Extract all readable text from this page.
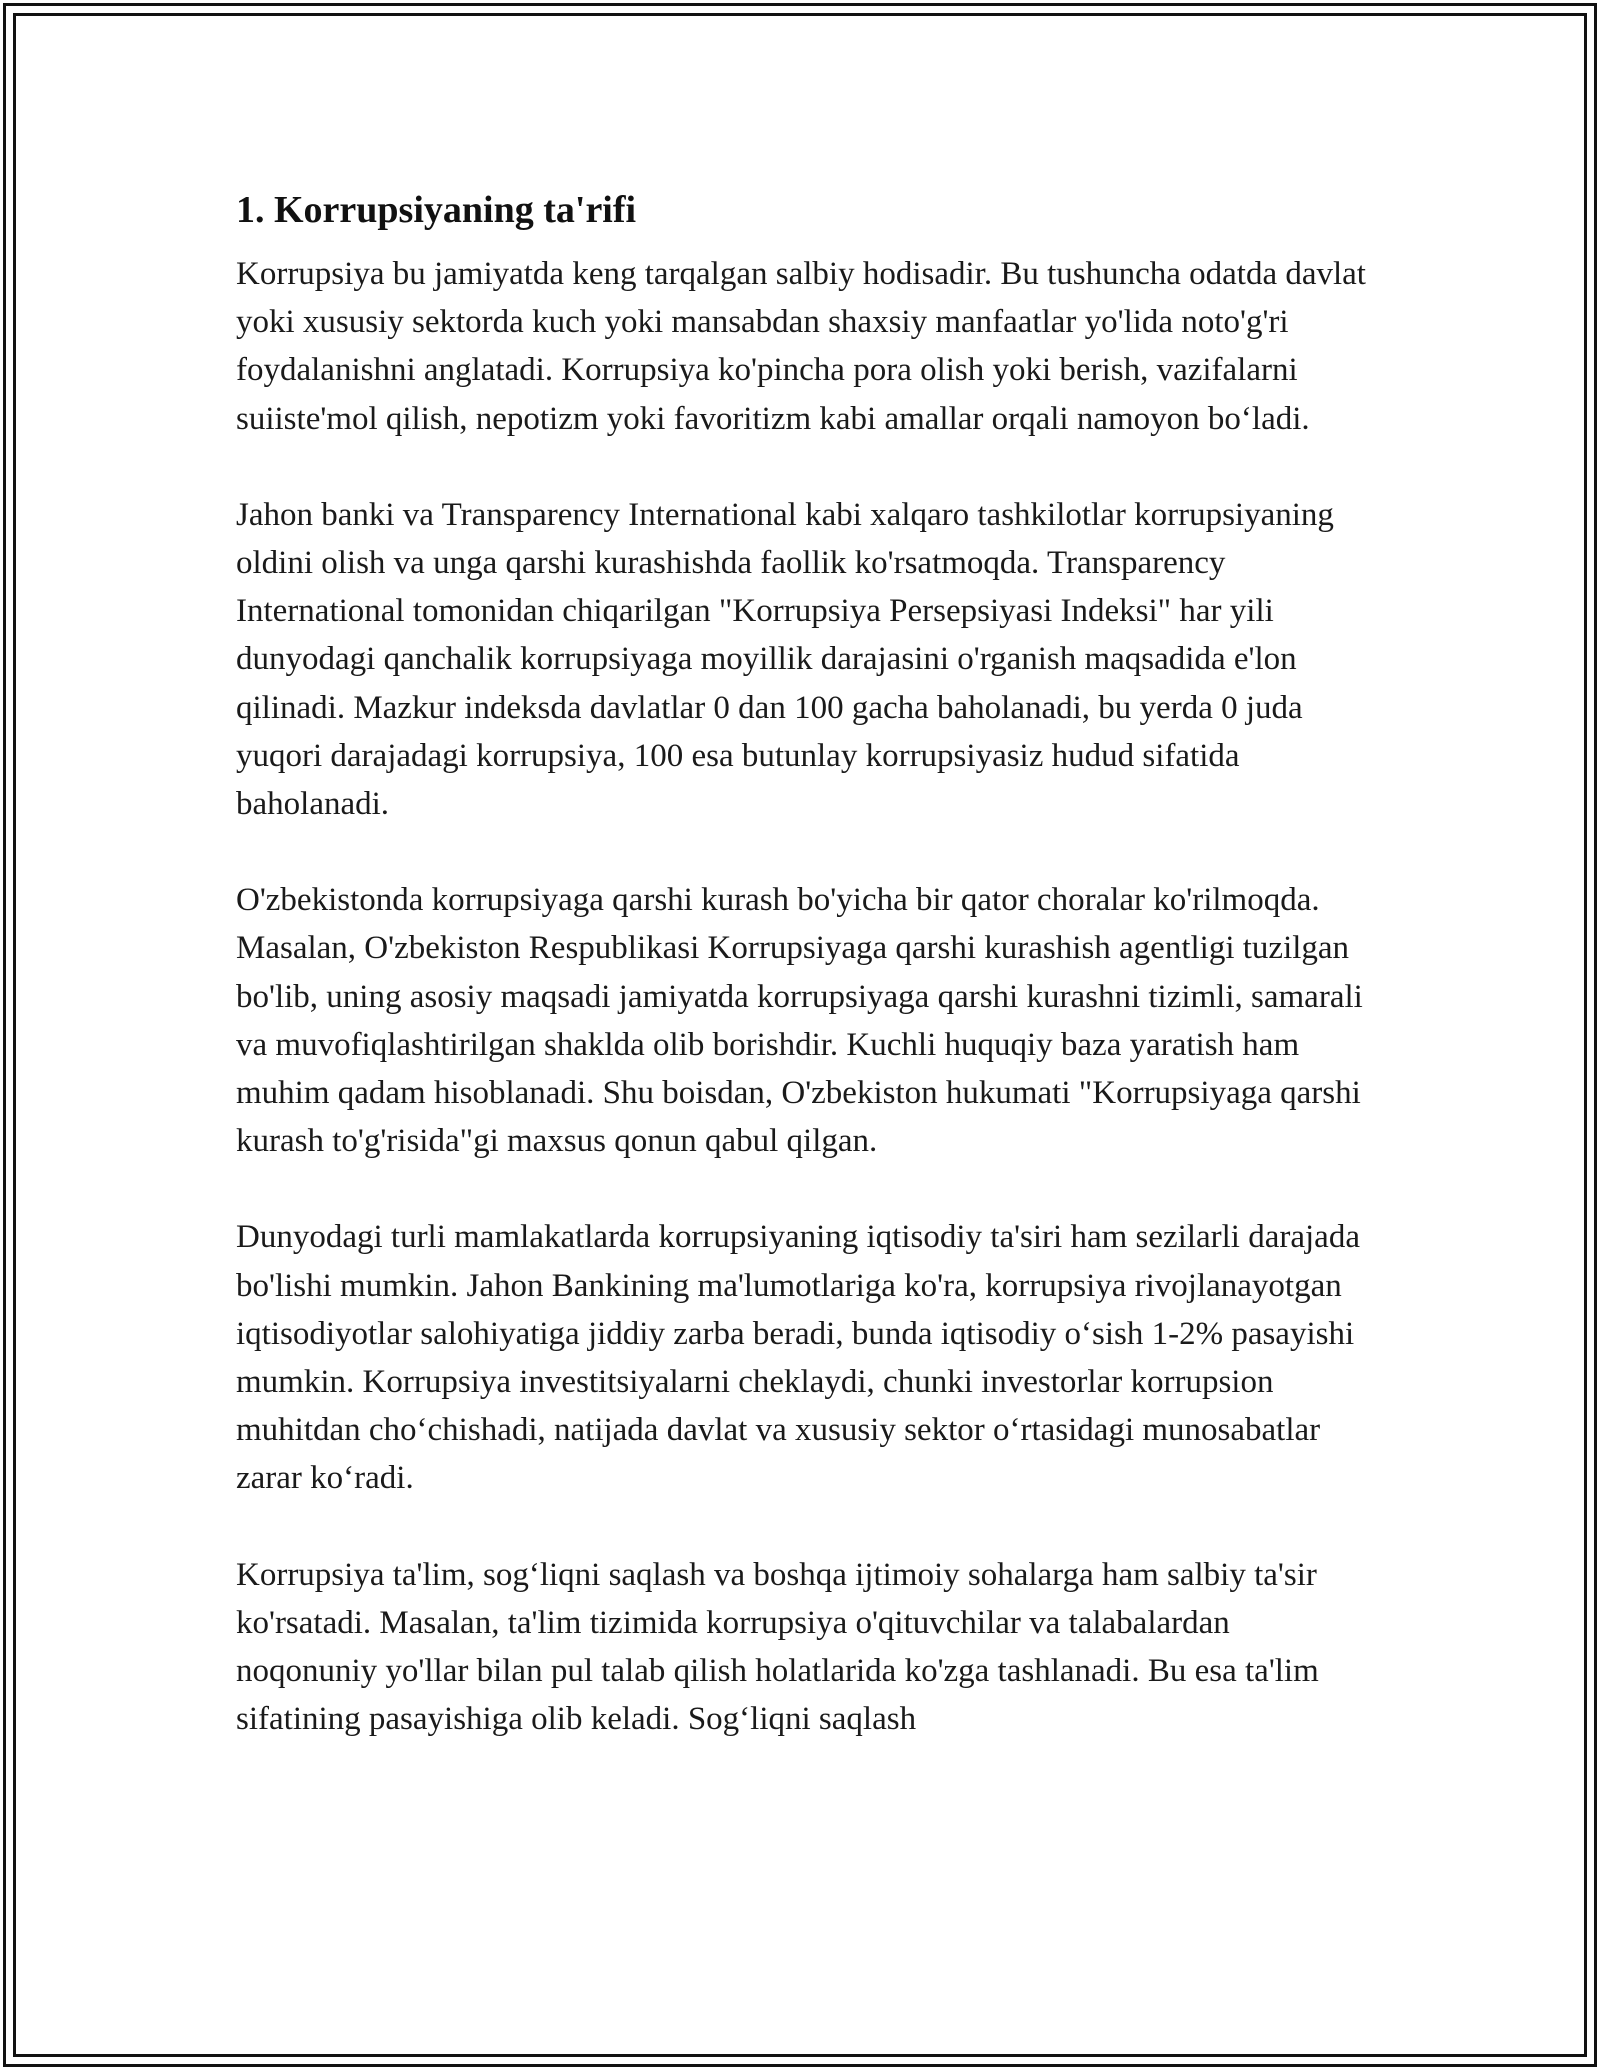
1. Korrupsiyaning ta'rifi

Korrupsiya bu jamiyatda keng tarqalgan salbiy hodisadir. Bu tushuncha odatda davlat yoki xususiy sektorda kuch yoki mansabdan shaxsiy manfaatlar yo'lida noto'g'ri foydalanishni anglatadi. Korrupsiya ko'pincha pora olish yoki berish, vazifalarni suiiste'mol qilish, nepotizm yoki favoritizm kabi amallar orqali namoyon bo‘ladi.

Jahon banki va Transparency International kabi xalqaro tashkilotlar korrupsiyaning oldini olish va unga qarshi kurashishda faollik ko'rsatmoqda. Transparency International tomonidan chiqarilgan "Korrupsiya Persepsiyasi Indeksi" har yili dunyodagi qanchalik korrupsiyaga moyillik darajasini o'rganish maqsadida e'lon qilinadi. Mazkur indeksda davlatlar 0 dan 100 gacha baholanadi, bu yerda 0 juda yuqori darajadagi korrupsiya, 100 esa butunlay korrupsiyasiz hudud sifatida baholanadi.

O'zbekistonda korrupsiyaga qarshi kurash bo'yicha bir qator choralar ko'rilmoqda. Masalan, O'zbekiston Respublikasi Korrupsiyaga qarshi kurashish agentligi tuzilgan bo'lib, uning asosiy maqsadi jamiyatda korrupsiyaga qarshi kurashni tizimli, samarali va muvofiqlashtirilgan shaklda olib borishdir. Kuchli huquqiy baza yaratish ham muhim qadam hisoblanadi. Shu boisdan, O'zbekiston hukumati "Korrupsiyaga qarshi kurash to'g'risida"gi maxsus qonun qabul qilgan.

Dunyodagi turli mamlakatlarda korrupsiyaning iqtisodiy ta'siri ham sezilarli darajada bo'lishi mumkin. Jahon Bankining ma'lumotlariga ko'ra, korrupsiya rivojlanayotgan iqtisodiyotlar salohiyatiga jiddiy zarba beradi, bunda iqtisodiy o‘sish 1-2% pasayishi mumkin. Korrupsiya investitsiyalarni cheklaydi, chunki investorlar korrupsion muhitdan cho‘chishadi, natijada davlat va xususiy sektor o‘rtasidagi munosabatlar zarar ko‘radi.

Korrupsiya ta'lim, sog‘liqni saqlash va boshqa ijtimoiy sohalarga ham salbiy ta'sir ko'rsatadi. Masalan, ta'lim tizimida korrupsiya o'qituvchilar va talabalardan noqonuniy yo'llar bilan pul talab qilish holatlarida ko'zga tashlanadi. Bu esa ta'lim sifatining pasayishiga olib keladi. Sog‘liqni saqlash
